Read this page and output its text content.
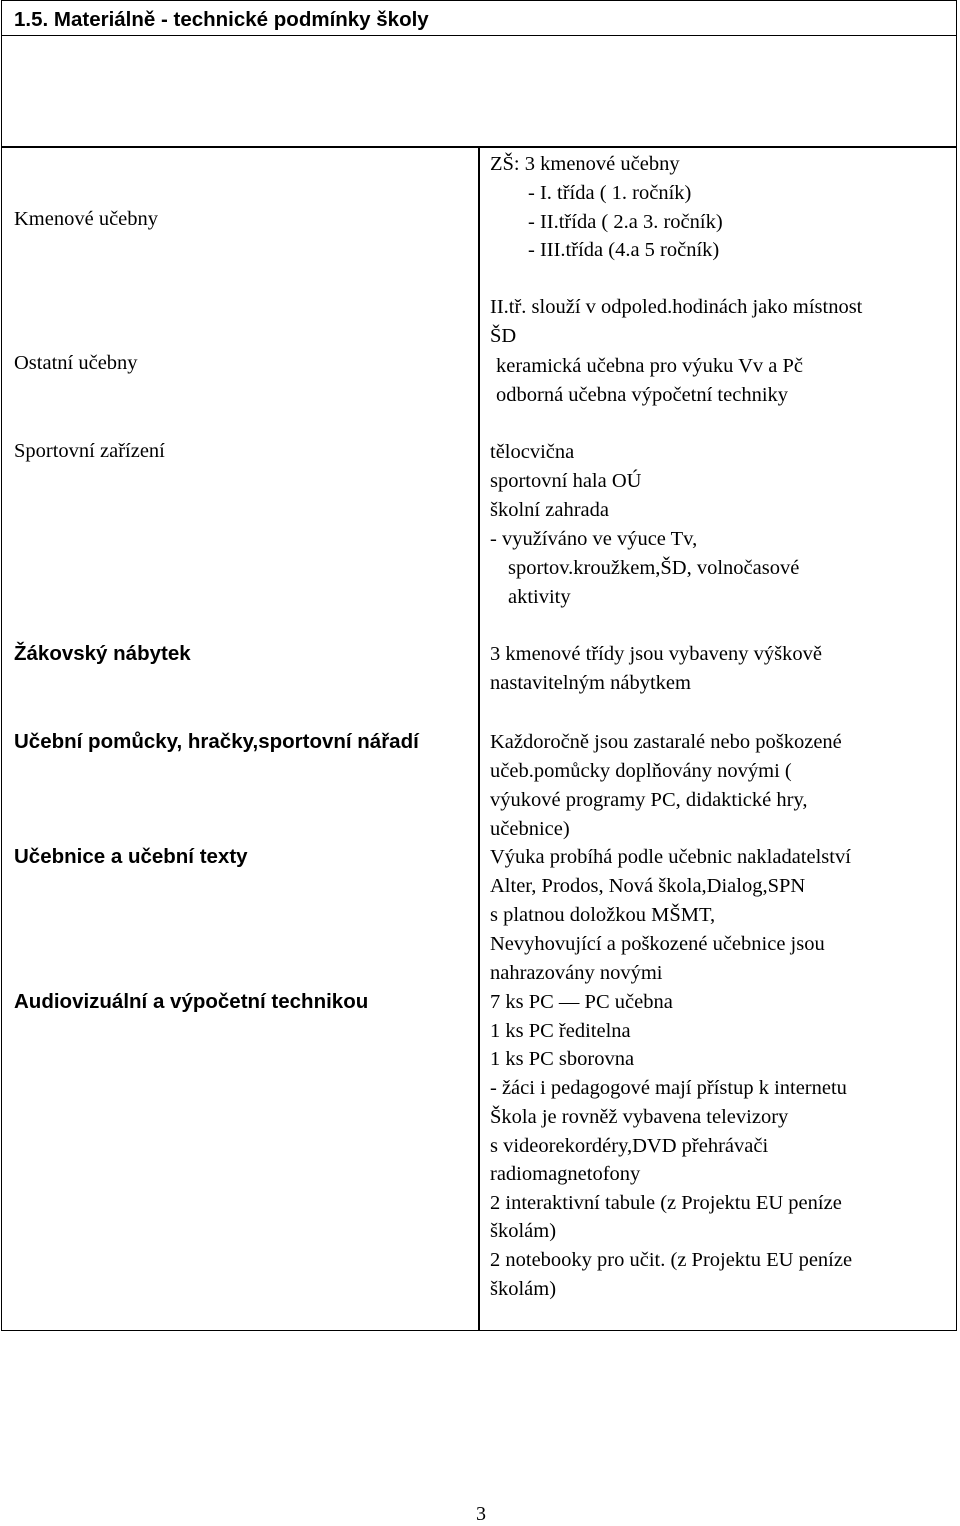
1.5. Materiálně - technické podmínky školy
Kmenové učebny
Ostatní učebny
Sportovní zařízení
Žákovský nábytek
Učební pomůcky, hračky,sportovní nářadí
Učebnice a učební texty
Audiovizuální a výpočetní technikou
ZŠ: 3 kmenové učebny
- I. třída ( 1. ročník)
- II.třída ( 2.a 3. ročník)
- III.třída (4.a 5 ročník)
II.tř. slouží v odpoled.hodinách jako místnost
ŠD
keramická učebna pro výuku Vv a Pč
odborná učebna výpočetní techniky
tělocvična
sportovní hala OÚ
školní zahrada
- využíváno ve výuce Tv,
sportov.kroužkem,ŠD, volnočasové
aktivity
3 kmenové třídy jsou vybaveny výškově
nastavitelným nábytkem
Každoročně jsou zastaralé nebo poškozené
učeb.pomůcky doplňovány novými (
výukové programy PC, didaktické hry,
učebnice)
Výuka probíhá podle učebnic nakladatelství
Alter, Prodos, Nová škola,Dialog,SPN
s platnou doložkou MŠMT,
Nevyhovující a poškozené učebnice jsou
nahrazovány novými
7 ks PC — PC učebna
1 ks PC ředitelna
1 ks PC sborovna
- žáci i pedagogové mají přístup k internetu
Škola je rovněž vybavena televizory
s videorekordéry,DVD přehrávači
radiomagnetofony
2 interaktivní tabule (z Projektu EU peníze
školám)
2 notebooky pro učit. (z Projektu EU peníze
školám)
3
